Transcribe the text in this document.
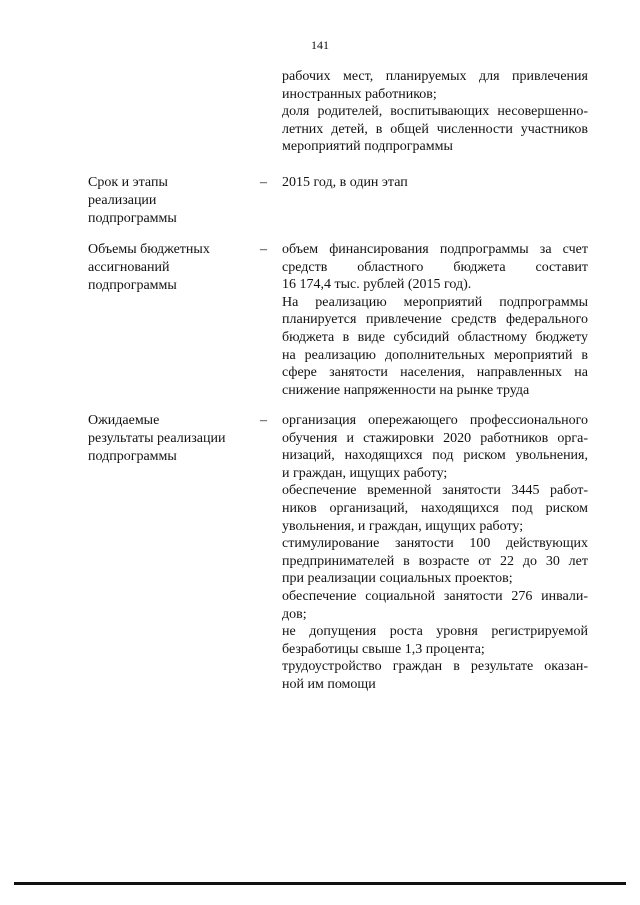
141
рабочих мест, планируемых для привлечения
иностранных работников;
доля родителей, воспитывающих несовершенно-
летних детей, в общей численности участников
мероприятий подпрограммы
Срок и этапы
реализации
подпрограммы
– 2015 год, в один этап
Объемы бюджетных
ассигнований
подпрограммы
– объем финансирования подпрограммы за счет
средств областного бюджета составит
16 174,4 тыс. рублей (2015 год).
На реализацию мероприятий подпрограммы
планируется привлечение средств федерального
бюджета в виде субсидий областному бюджету
на реализацию дополнительных мероприятий в
сфере занятости населения, направленных на
снижение напряженности на рынке труда
Ожидаемые
результаты реализации
подпрограммы
– организация опережающего профессионального
обучения и стажировки 2020 работников орга-
низаций, находящихся под риском увольнения,
и граждан, ищущих работу;
обеспечение временной занятости 3445 работ-
ников организаций, находящихся под риском
увольнения, и граждан, ищущих работу;
стимулирование занятости 100 действующих
предпринимателей в возрасте от 22 до 30 лет
при реализации социальных проектов;
обеспечение социальной занятости 276 инвали-
дов;
не допущения роста уровня регистрируемой
безработицы свыше 1,3 процента;
трудоустройство граждан в результате оказан-
ной им помощи
